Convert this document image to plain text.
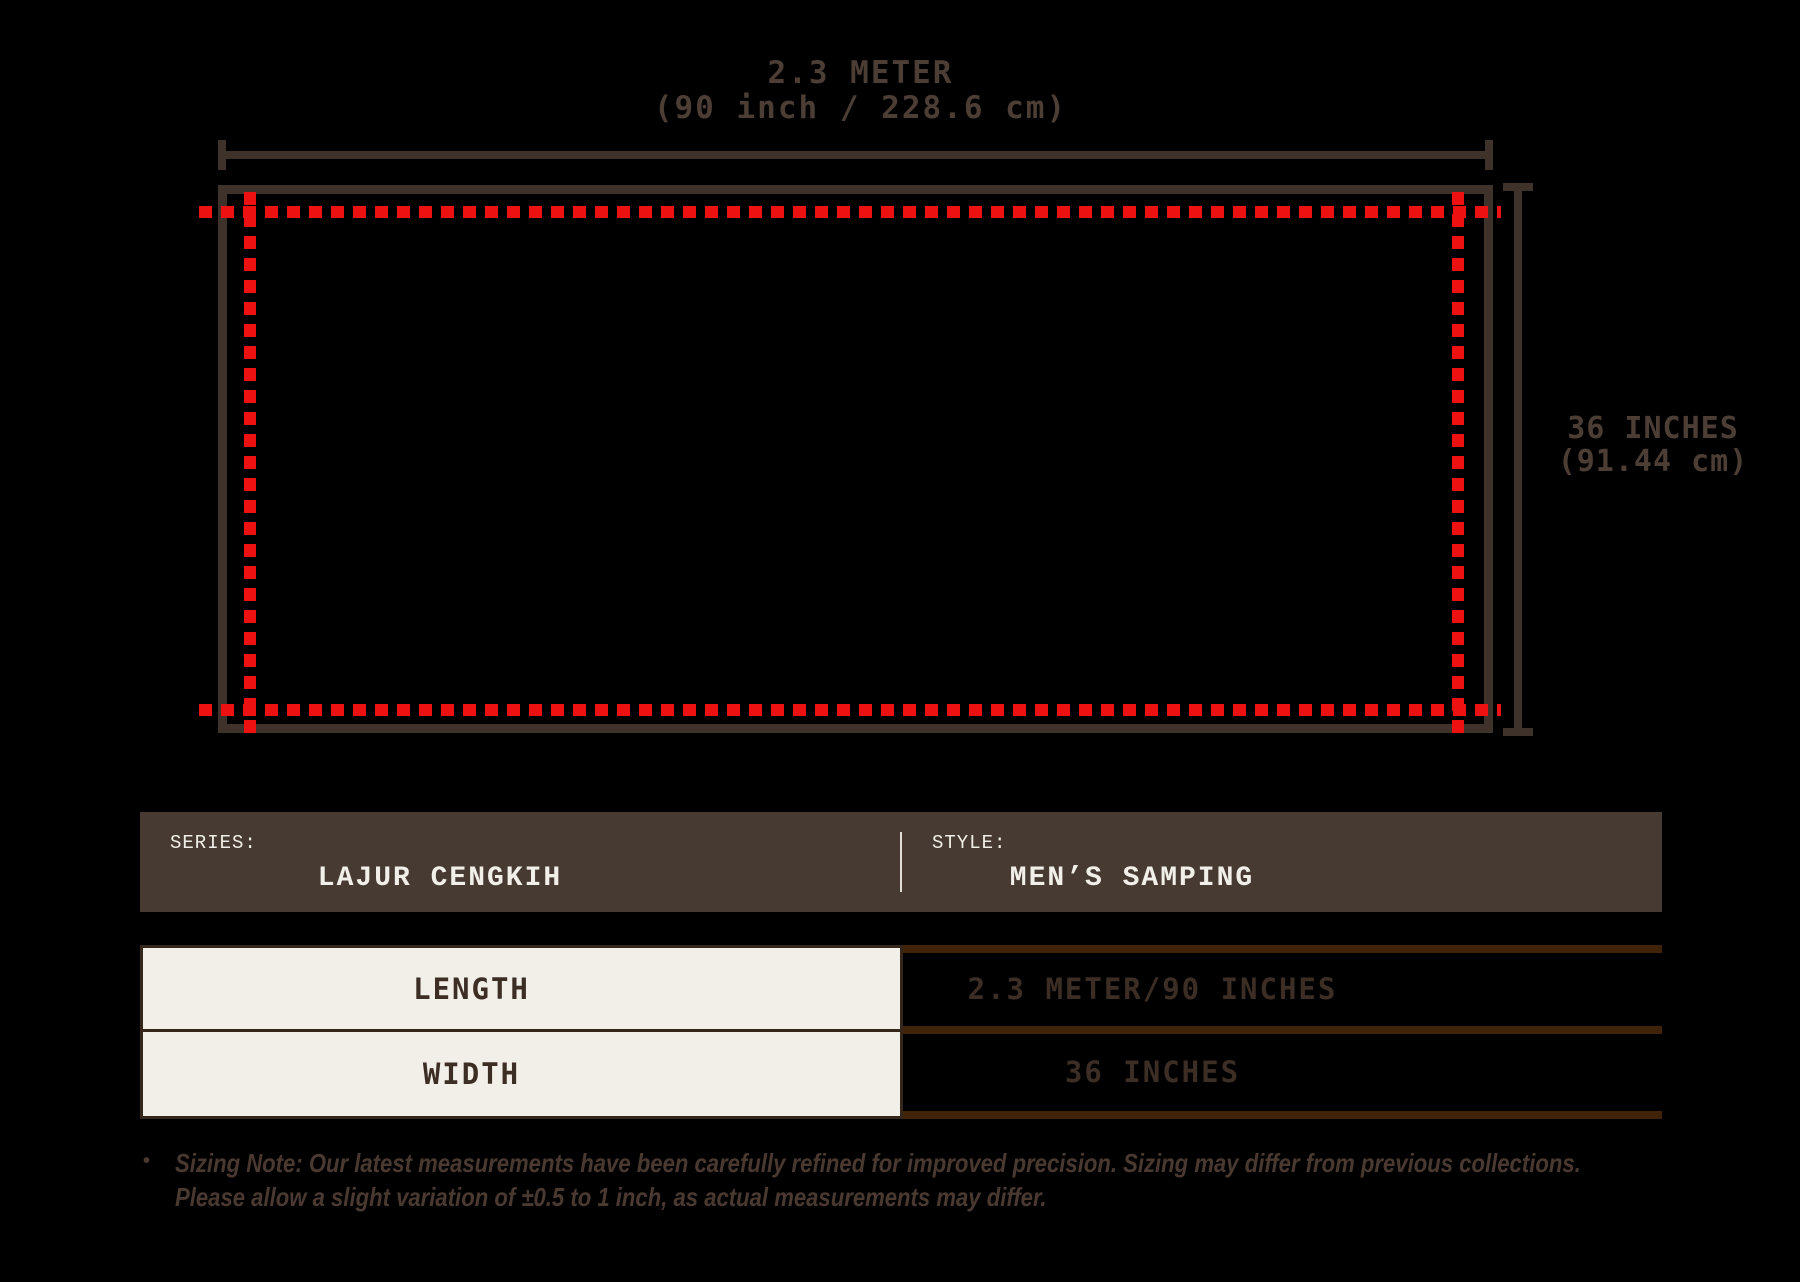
2.3 METER
(90 inch / 228.6 cm)
36 INCHES
(91.44 cm)
SERIES:
LAJUR CENGKIH
STYLE:
MEN’S SAMPING
LENGTH
WIDTH
2.3 METER/90 INCHES
36 INCHES
• Sizing Note: Our latest measurements have been carefully refined for improved precision. Sizing may differ from previous collections.
Please allow a slight variation of ±0.5 to 1 inch, as actual measurements may differ.
